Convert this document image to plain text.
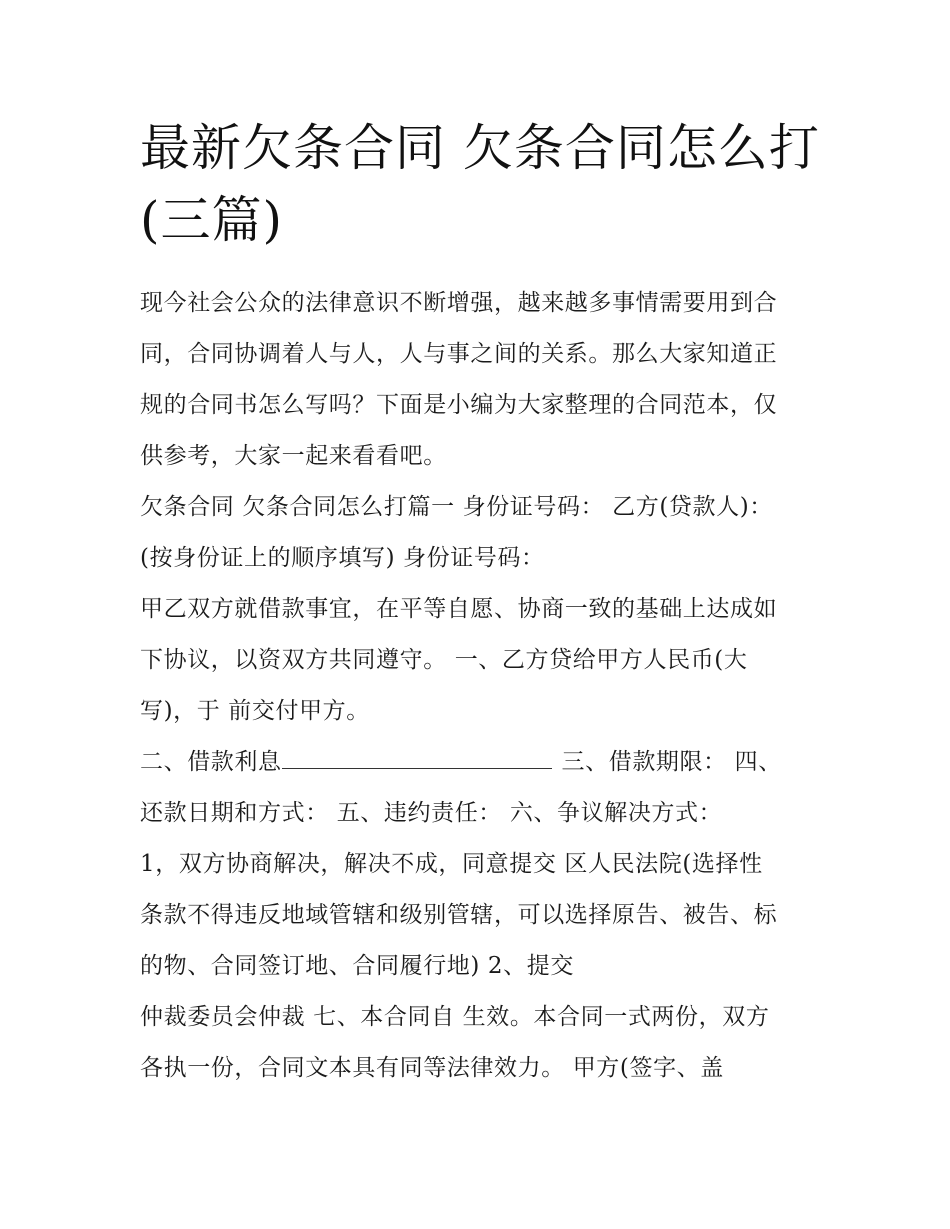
最新欠条合同 欠条合同怎么打
(三篇)

现今社会公众的法律意识不断增强，越来越多事情需要用到合

同，合同协调着人与人，人与事之间的关系。那么大家知道正

规的合同书怎么写吗？下面是小编为大家整理的合同范本，仅

供参考，大家一起来看看吧。

欠条合同 欠条合同怎么打篇一 身份证号码： 乙方(贷款人)：

(按身份证上的顺序填写) 身份证号码：

甲乙双方就借款事宜，在平等自愿、协商一致的基础上达成如

下协议，以资双方共同遵守。 一、乙方贷给甲方人民币(大

写)，于 前交付甲方。

二、借款利息	三、借款期限： 四、

还款日期和方式： 五、违约责任： 六、争议解决方式：

1，双方协商解决，解决不成，同意提交 区人民法院(选择性

条款不得违反地域管辖和级别管辖，可以选择原告、被告、标

的物、合同签订地、合同履行地) 2、提交

仲裁委员会仲裁 七、本合同自 生效。本合同一式两份，双方

各执一份，合同文本具有同等法律效力。 甲方(签字、盖
